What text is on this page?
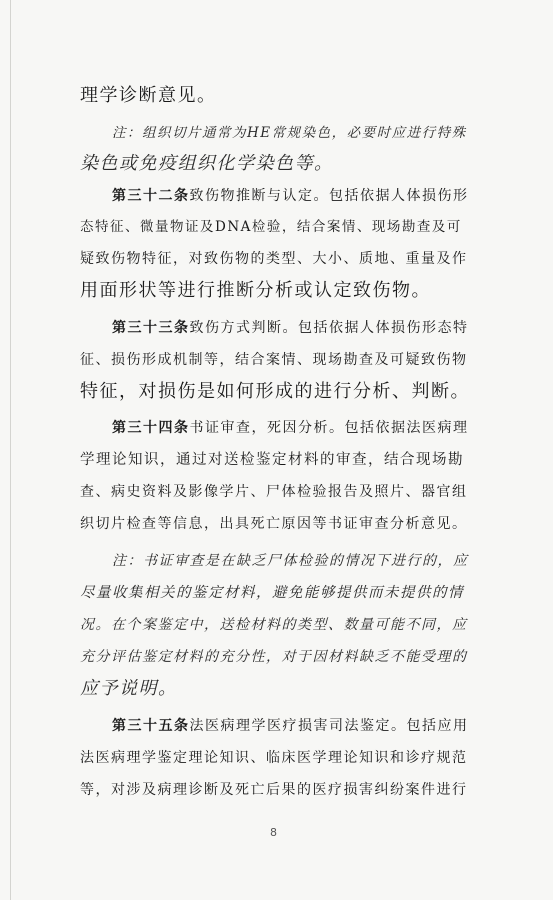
理学诊断意见。
注：组织切片通常为HE常规染色，必要时应进行特殊
染色或免疫组织化学染色等。
第三十二条致伤物推断与认定。包括依据人体损伤形
态特征、微量物证及DNA检验，结合案情、现场勘查及可
疑致伤物特征，对致伤物的类型、大小、质地、重量及作
用面形状等进行推断分析或认定致伤物。
第三十三条致伤方式判断。包括依据人体损伤形态特
征、损伤形成机制等，结合案情、现场勘查及可疑致伤物
特征，对损伤是如何形成的进行分析、判断。
第三十四条书证审查，死因分析。包括依据法医病理
学理论知识，通过对送检鉴定材料的审查，结合现场勘
查、病史资料及影像学片、尸体检验报告及照片、器官组
织切片检查等信息，出具死亡原因等书证审查分析意见。
注：书证审查是在缺乏尸体检验的情况下进行的，应
尽量收集相关的鉴定材料，避免能够提供而未提供的情
况。在个案鉴定中，送检材料的类型、数量可能不同，应
充分评估鉴定材料的充分性，对于因材料缺乏不能受理的
应予说明。
第三十五条法医病理学医疗损害司法鉴定。包括应用
法医病理学鉴定理论知识、临床医学理论知识和诊疗规范
等，对涉及病理诊断及死亡后果的医疗损害纠纷案件进行
8
